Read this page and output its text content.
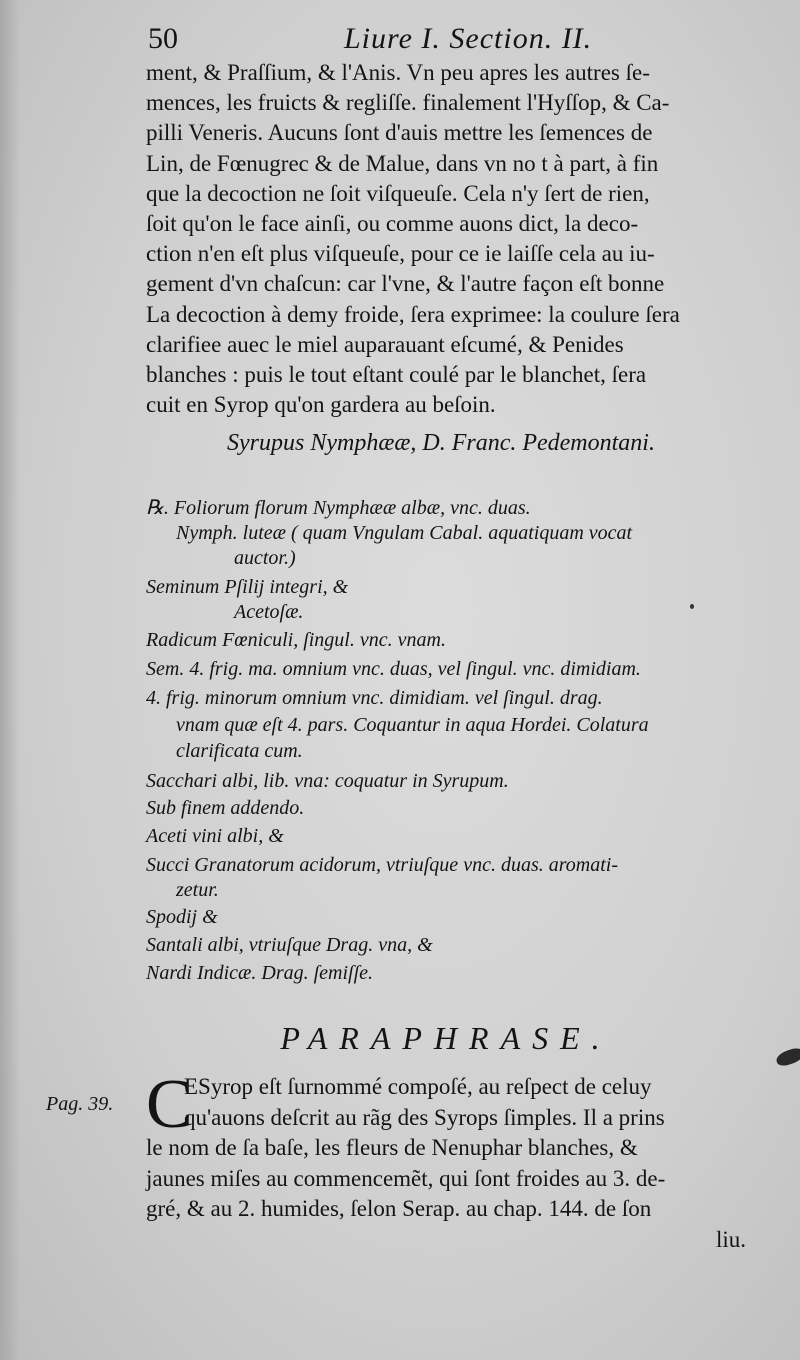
50	Liure I. Section. II.
ment, & Praſſium, & l'Anis. Vn peu apres les autres ſe-
mences, les fruicts & regliſſe. finalement l'Hyſſop, & Ca-
pilli Veneris. Aucuns ſont d'auis mettre les ſemences de
Lin, de Fœnugrec & de Malue, dans vn no t à part, à fin
que la decoction ne ſoit viſqueuſe. Cela n'y ſert de rien,
ſoit qu'on le face ainſi, ou comme auons dict, la deco-
ction n'en eſt plus viſqueuſe, pour ce ie laiſſe cela au iu-
gement d'vn chaſcun: car l'vne, & l'autre façon eſt bonne
La decoction à demy froide, ſera exprimee: la coulure ſera
clarifiee auec le miel auparauant eſcumé, & Penides
blanches : puis le tout eſtant coulé par le blanchet, ſera
cuit en Syrop qu'on gardera au beſoin.
Syrupus Nymphææ, D. Franc. Pedemontani.
℞. Foliorum florum Nymphææ albæ, vnc. duas.
Nymph. luteæ ( quam Vngulam Cabal. aquatiquam vocat
auctor.)
Seminum Pſilij integri, &
Acetoſæ.
Radicum Fœniculi, ſingul. vnc. vnam.
Sem. 4. frig. ma. omnium vnc. duas, vel ſingul. vnc. dimidiam.
4. frig. minorum omnium vnc. dimidiam. vel ſingul. drag.
vnam quæ eſt 4. pars. Coquantur in aqua Hordei. Colatura
clarificata cum.
Sacchari albi, lib. vna: coquatur in Syrupum.
Sub finem addendo.
Aceti vini albi, &
Succi Granatorum acidorum, vtriuſque vnc. duas. aromati-
zetur.
Spodij &
Santali albi, vtriuſque Drag. vna, &
Nardi Indicæ. Drag. ſemiſſe.
PARAPHRASE.
Pag. 39. C
ESyrop eſt ſurnommé compoſé, au reſpect de celuy
qu'auons deſcrit au rãg des Syrops ſimples. Il a prins
le nom de ſa baſe, les fleurs de Nenuphar blanches, &
jaunes miſes au commencemẽt, qui ſont froides au 3. de-
gré, & au 2. humides, ſelon Serap. au chap. 144. de ſon
liu.
